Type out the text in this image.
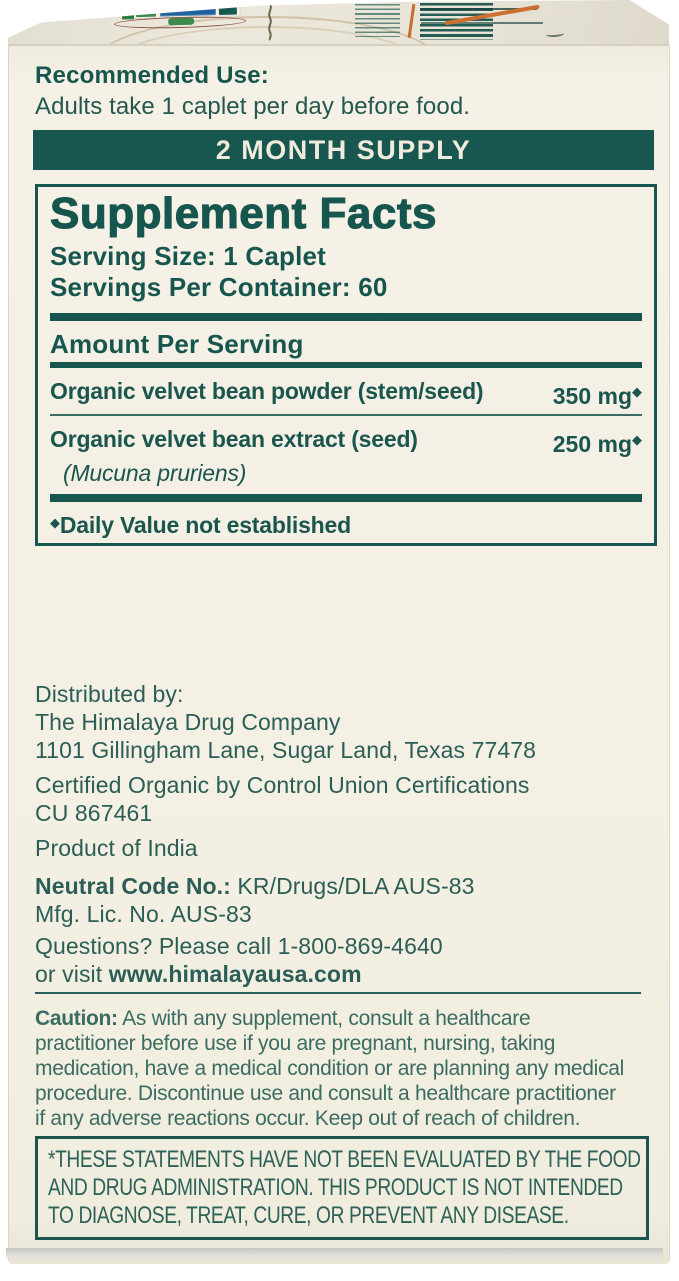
Recommended Use:
Adults take 1 caplet per day before food.
2 MONTH SUPPLY
Supplement Facts
Serving Size: 1 Caplet
Servings Per Container: 60
Amount Per Serving
Organic velvet bean powder (stem/seed)	350 mg◆
Organic velvet bean extract (seed)	250 mg◆
(Mucuna pruriens)
◆Daily Value not established
Distributed by:
The Himalaya Drug Company
1101 Gillingham Lane, Sugar Land, Texas 77478
Certified Organic by Control Union Certifications
CU 867461
Product of India
Neutral Code No.: KR/Drugs/DLA AUS-83
Mfg. Lic. No. AUS-83
Questions? Please call 1-800-869-4640
or visit www.himalayausa.com
Caution: As with any supplement, consult a healthcare
practitioner before use if you are pregnant, nursing, taking
medication, have a medical condition or are planning any medical
procedure. Discontinue use and consult a healthcare practitioner
if any adverse reactions occur. Keep out of reach of children.
*THESE STATEMENTS HAVE NOT BEEN EVALUATED BY THE FOOD
AND DRUG ADMINISTRATION. THIS PRODUCT IS NOT INTENDED
TO DIAGNOSE, TREAT, CURE, OR PREVENT ANY DISEASE.
